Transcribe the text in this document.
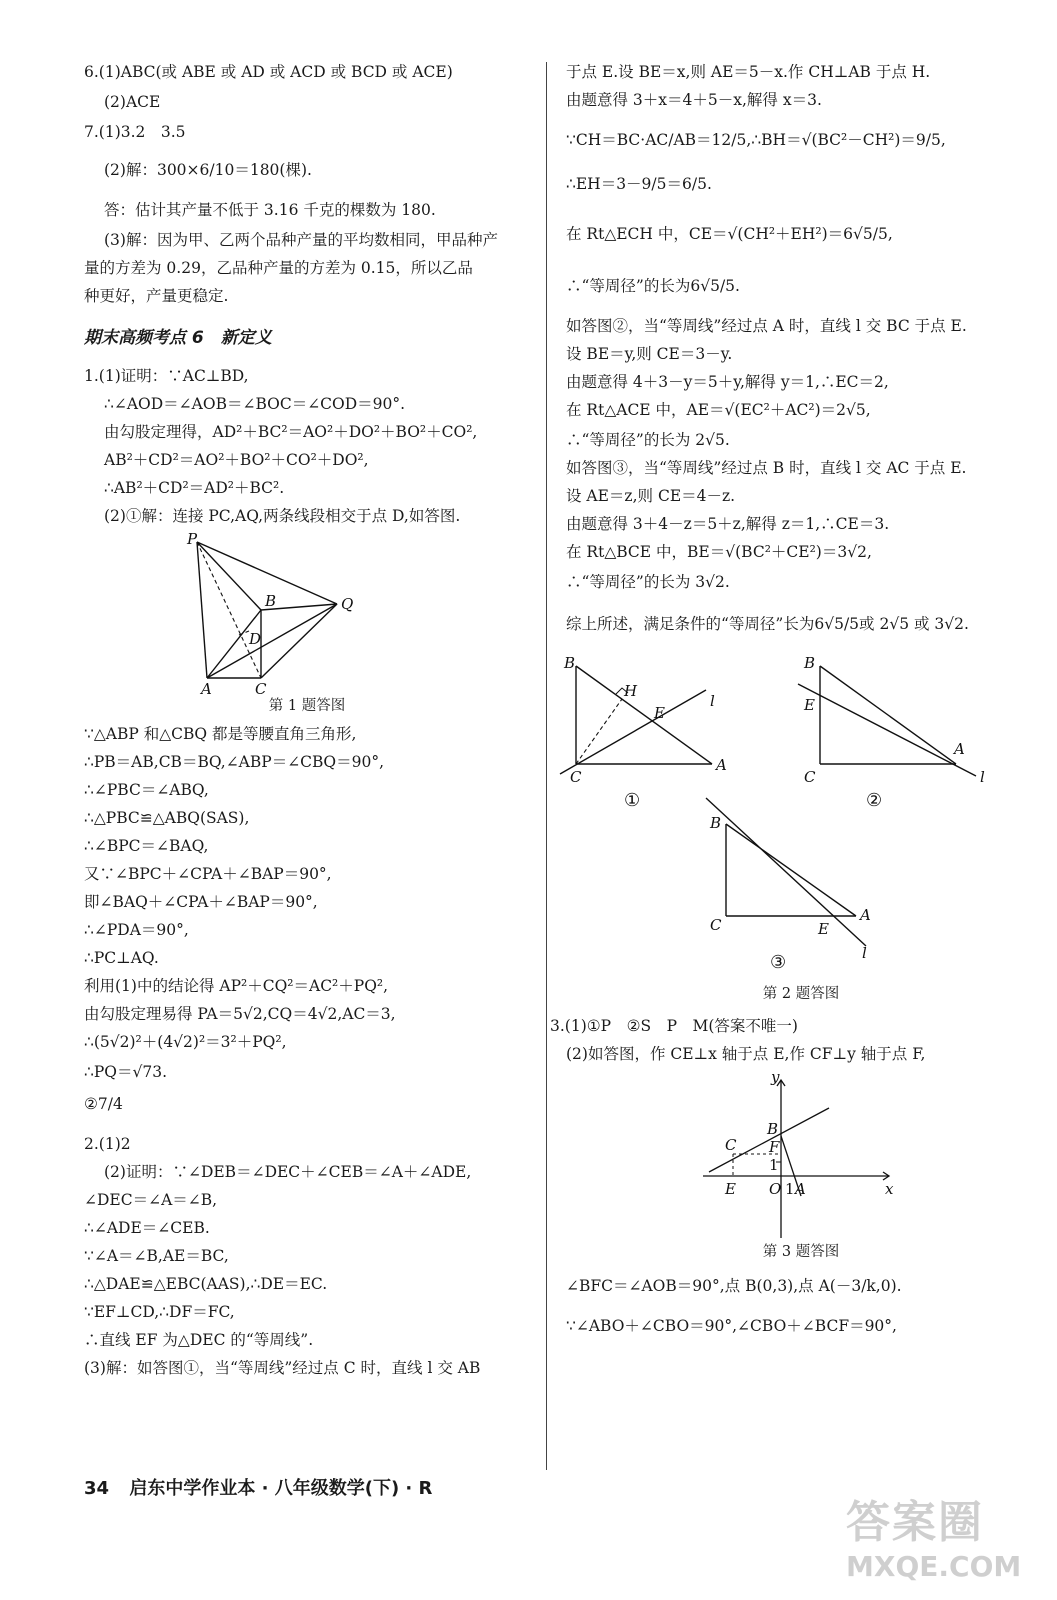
6.(1)ABC(或 ABE 或 AD 或 ACD 或 BCD 或 ACE)
(2)ACE
7.(1)3.2　3.5
(2)解：300×6/10＝180(棵).
答：估计其产量不低于 3.16 千克的棵数为 180.
(3)解：因为甲、乙两个品种产量的平均数相同，甲品种产
量的方差为 0.29，乙品种产量的方差为 0.15，所以乙品
种更好，产量更稳定.
期末高频考点 6　新定义
1.(1)证明：∵AC⊥BD,
∴∠AOD＝∠AOB＝∠BOC＝∠COD＝90°.
由勾股定理得，AD²＋BC²＝AO²＋DO²＋BO²＋CO²,
AB²＋CD²＝AO²＋BO²＋CO²＋DO²,
∴AB²＋CD²＝AD²＋BC².
(2)①解：连接 PC,AQ,两条线段相交于点 D,如答图.
P
Q
B
D
A	C
第 1 题答图
∵△ABP 和△CBQ 都是等腰直角三角形,
∴PB＝AB,CB＝BQ,∠ABP＝∠CBQ＝90°,
∴∠PBC＝∠ABQ,
∴△PBC≌△ABQ(SAS),
∴∠BPC＝∠BAQ,
又∵∠BPC＋∠CPA＋∠BAP＝90°,
即∠BAQ＋∠CPA＋∠BAP＝90°,
∴∠PDA＝90°,
∴PC⊥AQ.
利用(1)中的结论得 AP²＋CQ²＝AC²＋PQ²,
由勾股定理易得 PA＝5√2,CQ＝4√2,AC＝3,
∴(5√2)²＋(4√2)²＝3²＋PQ²,
∴PQ＝√73.
②7/4
2.(1)2
(2)证明：∵∠DEB＝∠DEC＋∠CEB＝∠A＋∠ADE,
∠DEC＝∠A＝∠B,
∴∠ADE＝∠CEB.
∵∠A＝∠B,AE＝BC,
∴△DAE≌△EBC(AAS),∴DE＝EC.
∵EF⊥CD,∴DF＝FC,
∴直线 EF 为△DEC 的“等周线”.
(3)解：如答图①，当“等周线”经过点 C 时，直线 l 交 AB
于点 E.设 BE＝x,则 AE＝5－x.作 CH⊥AB 于点 H.
由题意得 3＋x＝4＋5－x,解得 x＝3.
∵CH＝BC·AC/AB＝12/5,∴BH＝√(BC²－CH²)＝9/5,
∴EH＝3－9/5＝6/5.
在 Rt△ECH 中，CE＝√(CH²＋EH²)＝6√5/5,
∴“等周径”的长为6√5/5.
如答图②，当“等周线”经过点 A 时，直线 l 交 BC 于点 E.
设 BE＝y,则 CE＝3－y.
由题意得 4＋3－y＝5＋y,解得 y＝1,∴EC＝2,
在 Rt△ACE 中，AE＝√(EC²＋AC²)＝2√5,
∴“等周径”的长为 2√5.
如答图③，当“等周线”经过点 B 时，直线 l 交 AC 于点 E.
设 AE＝z,则 CE＝4－z.
由题意得 3＋4－z＝5＋z,解得 z＝1,∴CE＝3.
在 Rt△BCE 中，BE＝√(BC²＋CE²)＝3√2,
∴“等周径”的长为 3√2.
综上所述，满足条件的“等周径”长为6√5/5或 2√5 或 3√2.
B
H
E
l
A
C
①
B
E
A
l
C
②
B
C	E
A
l
③
第 2 题答图
3.(1)①P　②S　P　M(答案不唯一)
(2)如答图，作 CE⊥x 轴于点 E,作 CF⊥y 轴于点 F,
y
x
B
C F
1
E O 1 A
第 3 题答图
∠BFC＝∠AOB＝90°,点 B(0,3),点 A(－3/k,0).
∵∠ABO＋∠CBO＝90°,∠CBO＋∠BCF＝90°,
34 启东中学作业本 · 八年级数学(下) · R
答案圈
MXQE.COM
